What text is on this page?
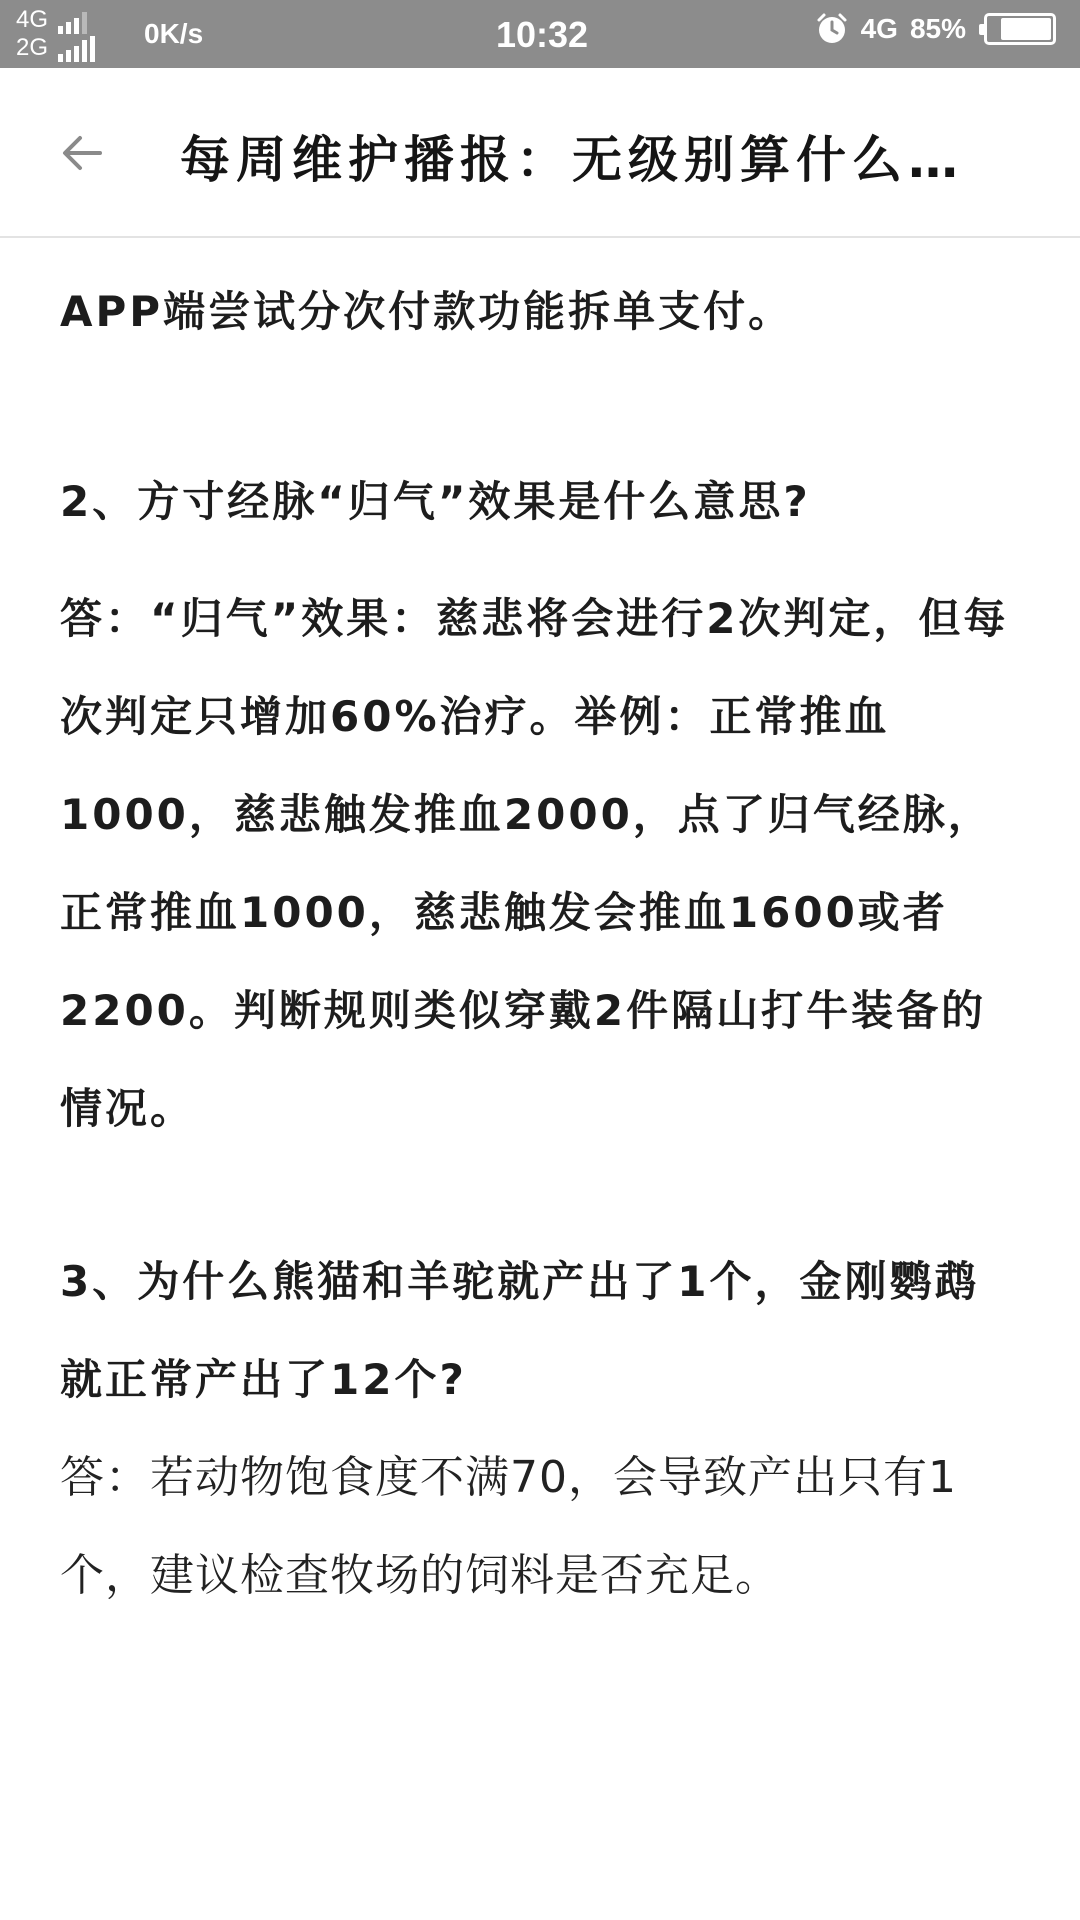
4G
2G	0K/s	10:32	4G 85%
每周维护播报：无级别算什么…

APP端尝试分次付款功能拆单支付。

2、方寸经脉“归气”效果是什么意思?

答：“归气”效果：慈悲将会进行2次判定，但每次判定只增加60%治疗。举例：正常推血1000，慈悲触发推血2000，点了归气经脉，正常推血1000，慈悲触发会推血1600或者2200。判断规则类似穿戴2件隔山打牛装备的情况。

3、为什么熊猫和羊驼就产出了1个，金刚鹦鹉就正常产出了12个?

答：若动物饱食度不满70，会导致产出只有1个，建议检查牧场的饲料是否充足。
